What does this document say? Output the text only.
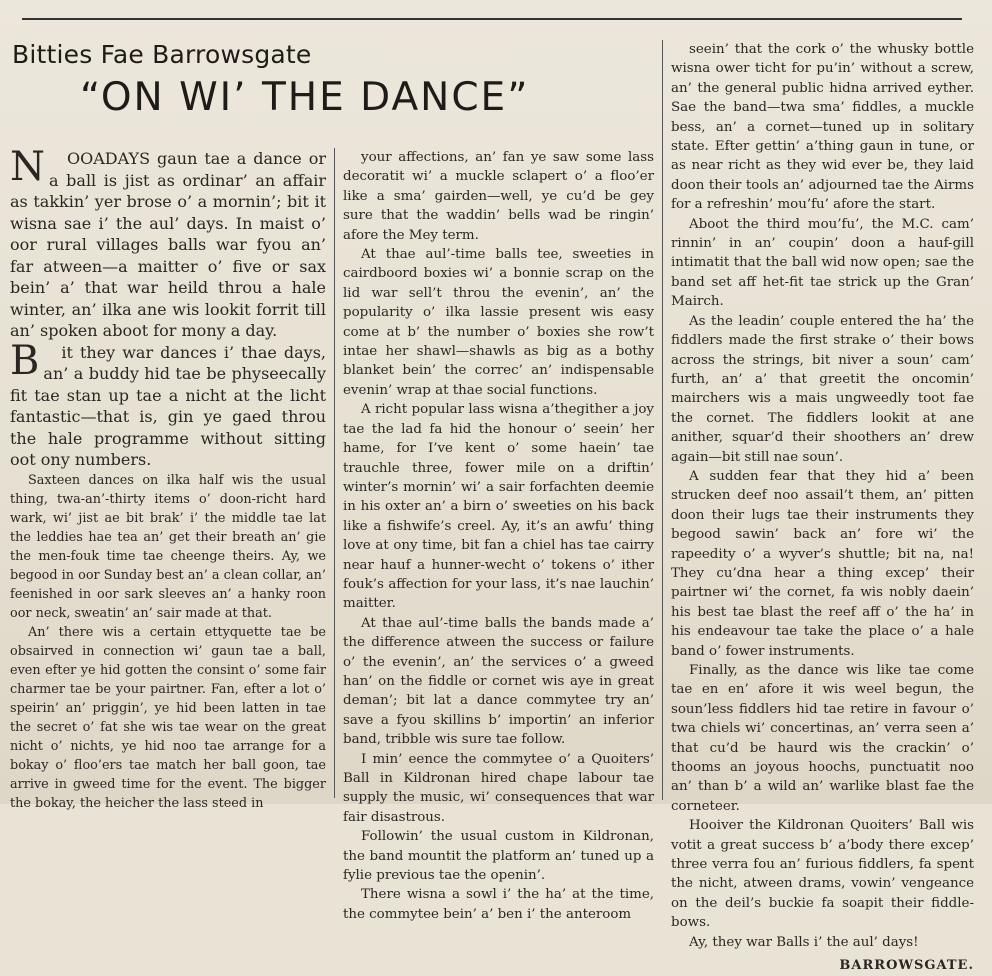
Bitties Fae Barrowsgate
“ON WI’ THE DANCE”

NOOADAYS gaun tae a dance or a ball is jist as ordinar’ an affair as takkin’ yer brose o’ a mornin’; bit it wisna sae i’ the aul’ days. In maist o’ oor rural villages balls war fyou an’ far atween—a maitter o’ five or sax bein’ a’ that war heild throu a hale winter, an’ ilka ane wis lookit forrit till an’ spoken aboot for mony a day.

Bit they war dances i’ thae days, an’ a buddy hid tae be physeecally fit tae stan up tae a nicht at the licht fantastic—that is, gin ye gaed throu the hale programme without sitting oot ony numbers.

Saxteen dances on ilka half wis the usual thing, twa-an’-thirty items o’ doon-richt hard wark, wi’ jist ae bit brak’ i’ the middle tae lat the leddies hae tea an’ get their breath an’ gie the men-fouk time tae cheenge theirs. Ay, we begood in oor Sunday best an’ a clean collar, an’ feenished in oor sark sleeves an’ a hanky roon oor neck, sweatin’ an’ sair made at that.

An’ there wis a certain ettyquette tae be obsairved in connection wi’ gaun tae a ball, even efter ye hid gotten the consint o’ some fair charmer tae be your pairtner. Fan, efter a lot o’ speirin’ an’ priggin’, ye hid been latten in tae the secret o’ fat she wis tae wear on the great nicht o’ nichts, ye hid noo tae arrange for a bokay o’ floo’ers tae match her ball goon, tae arrive in gweed time for the event. The bigger the bokay, the heicher the lass steed in

your affections, an’ fan ye saw some lass decoratit wi’ a muckle sclapert o’ a floo’er like a sma’ gairden—well, ye cu’d be gey sure that the waddin’ bells wad be ringin’ afore the Mey term.

At thae aul’-time balls tee, sweeties in cairdboord boxies wi’ a bonnie scrap on the lid war sell’t throu the evenin’, an’ the popularity o’ ilka lassie present wis easy come at b’ the number o’ boxies she row’t intae her shawl—shawls as big as a bothy blanket bein’ the correc’ an’ indispensable evenin’ wrap at thae social functions.

A richt popular lass wisna a’thegither a joy tae the lad fa hid the honour o’ seein’ her hame, for I’ve kent o’ some haein’ tae trauchle three, fower mile on a driftin’ winter’s mornin’ wi’ a sair forfachten deemie in his oxter an’ a birn o’ sweeties on his back like a fishwife’s creel. Ay, it’s an awfu’ thing love at ony time, bit fan a chiel has tae cairry near hauf a hunner-wecht o’ tokens o’ ither fouk’s affection for your lass, it’s nae lauchin’ maitter.

At thae aul’-time balls the bands made a’ the difference atween the success or failure o’ the evenin’, an’ the services o’ a gweed han’ on the fiddle or cornet wis aye in great deman’; bit lat a dance commytee try an’ save a fyou skillins b’ importin’ an inferior band, tribble wis sure tae follow.

I min’ eence the commytee o’ a Quoiters’ Ball in Kildronan hired chape labour tae supply the music, wi’ consequences that war fair disastrous.

Followin’ the usual custom in Kildronan, the band mountit the platform an’ tuned up a fylie previous tae the openin’.

There wisna a sowl i’ the ha’ at the time, the commytee bein’ a’ ben i’ the anteroom

seein’ that the cork o’ the whusky bottle wisna ower ticht for pu’in’ without a screw, an’ the general public hidna arrived eyther. Sae the band—twa sma’ fiddles, a muckle bess, an’ a cornet—tuned up in solitary state. Efter gettin’ a’thing gaun in tune, or as near richt as they wid ever be, they laid doon their tools an’ adjourned tae the Airms for a refreshin’ mou’fu’ afore the start.

Aboot the third mou’fu’, the M.C. cam’ rinnin’ in an’ coupin’ doon a hauf-gill intimatit that the ball wid now open; sae the band set aff het-fit tae strick up the Gran’ Mairch.

As the leadin’ couple entered the ha’ the fiddlers made the first strake o’ their bows across the strings, bit niver a soun’ cam’ furth, an’ a’ that greetit the oncomin’ mairchers wis a mais ungweedly toot fae the cornet. The fiddlers lookit at ane anither, squar’d their shoothers an’ drew again—bit still nae soun’.

A sudden fear that they hid a’ been strucken deef noo assail’t them, an’ pitten doon their lugs tae their instruments they begood sawin’ back an’ fore wi’ the rapeedity o’ a wyver’s shuttle; bit na, na! They cu’dna hear a thing excep’ their pairtner wi’ the cornet, fa wis nobly daein’ his best tae blast the reef aff o’ the ha’ in his endeavour tae take the place o’ a hale band o’ fower instruments.

Finally, as the dance wis like tae come tae en en’ afore it wis weel begun, the soun’less fiddlers hid tae retire in favour o’ twa chiels wi’ concertinas, an’ verra seen a’ that cu’d be haurd wis the crackin’ o’ thooms an joyous hoochs, punctuatit noo an’ than b’ a wild an’ warlike blast fae the corneteer.

Hooiver the Kildronan Quoiters’ Ball wis votit a great success b’ a’body there excep’ three verra fou an’ furious fiddlers, fa spent the nicht, atween drams, vowin’ vengeance on the deil’s buckie fa soapit their fiddle-bows.

Ay, they war Balls i’ the aul’ days!

BARROWSGATE.
